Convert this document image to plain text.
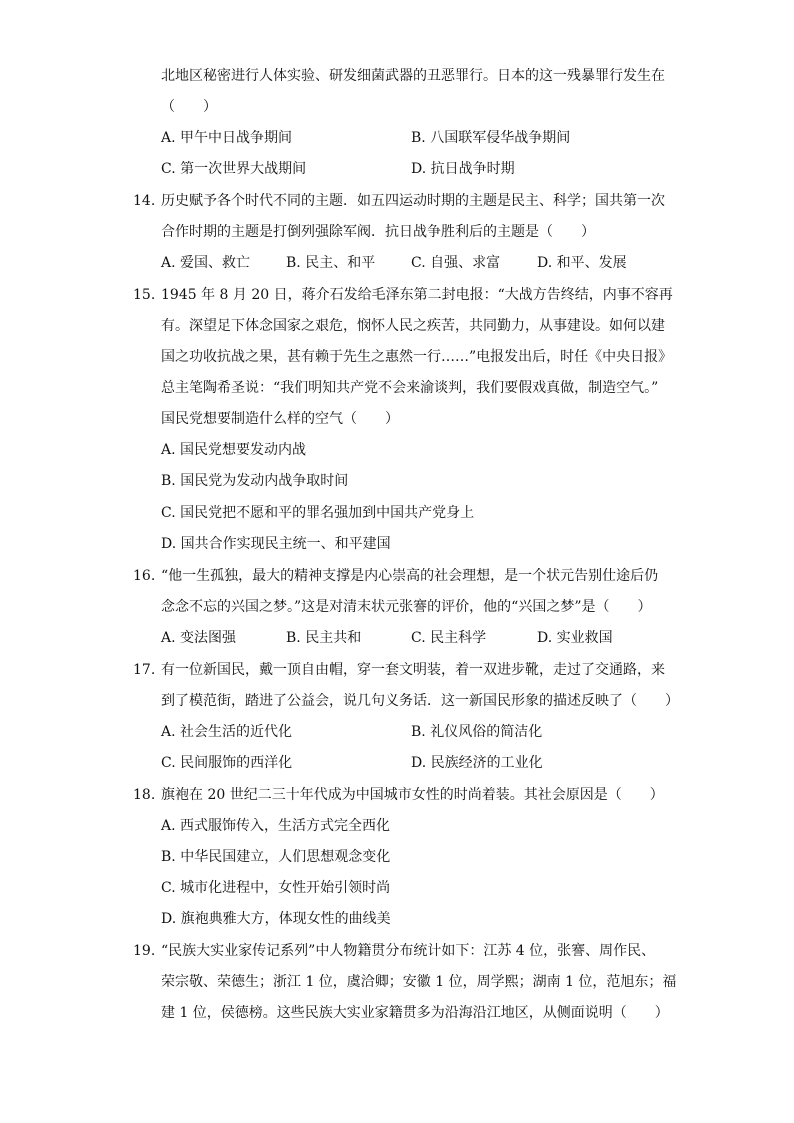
北地区秘密进行人体实验、研发细菌武器的丑恶罪行。日本的这一残暴罪行发生在
（　　）
A. 甲午中日战争期间	B. 八国联军侵华战争期间
C. 第一次世界大战期间	D. 抗日战争时期
14. 历史赋予各个时代不同的主题．如五四运动时期的主题是民主、科学；国共第一次
合作时期的主题是打倒列强除军阀．抗日战争胜利后的主题是（　　）
A. 爱国、救亡	B. 民主、和平	C. 自强、求富	D. 和平、发展
15. 1945 年 8 月 20 日，蒋介石发给毛泽东第二封电报：“大战方告终结，内事不容再
有。深望足下体念国家之艰危，悯怀人民之疾苦，共同勤力，从事建设。如何以建
国之功收抗战之果，甚有赖于先生之惠然一行……”电报发出后，时任《中央日报》
总主笔陶希圣说：“我们明知共产党不会来渝谈判，我们要假戏真做，制造空气。”
国民党想要制造什么样的空气（　　）
A. 国民党想要发动内战
B. 国民党为发动内战争取时间
C. 国民党把不愿和平的罪名强加到中国共产党身上
D. 国共合作实现民主统一、和平建国
16. “他一生孤独，最大的精神支撑是内心崇高的社会理想，是一个状元告别仕途后仍
念念不忘的兴国之梦。”这是对清末状元张謇的评价，他的“兴国之梦”是（　　）
A. 变法图强	B. 民主共和	C. 民主科学	D. 实业救国
17. 有一位新国民，戴一顶自由帽，穿一套文明装，着一双进步靴，走过了交通路，来
到了模范街，踏进了公益会，说几句义务话．这一新国民形象的描述反映了（　　）
A. 社会生活的近代化	B. 礼仪风俗的简洁化
C. 民间服饰的西洋化	D. 民族经济的工业化
18. 旗袍在 20 世纪二三十年代成为中国城市女性的时尚着装。其社会原因是（　　）
A. 西式服饰传入，生活方式完全西化
B. 中华民国建立，人们思想观念变化
C. 城市化进程中，女性开始引领时尚
D. 旗袍典雅大方，体现女性的曲线美
19. “民族大实业家传记系列”中人物籍贯分布统计如下：江苏 4 位，张謇、周作民、
荣宗敬、荣德生；浙江 1 位，虞洽卿；安徽 1 位，周学熙；湖南 1 位，范旭东；福
建 1 位，侯德榜。这些民族大实业家籍贯多为沿海沿江地区，从侧面说明（　　）
